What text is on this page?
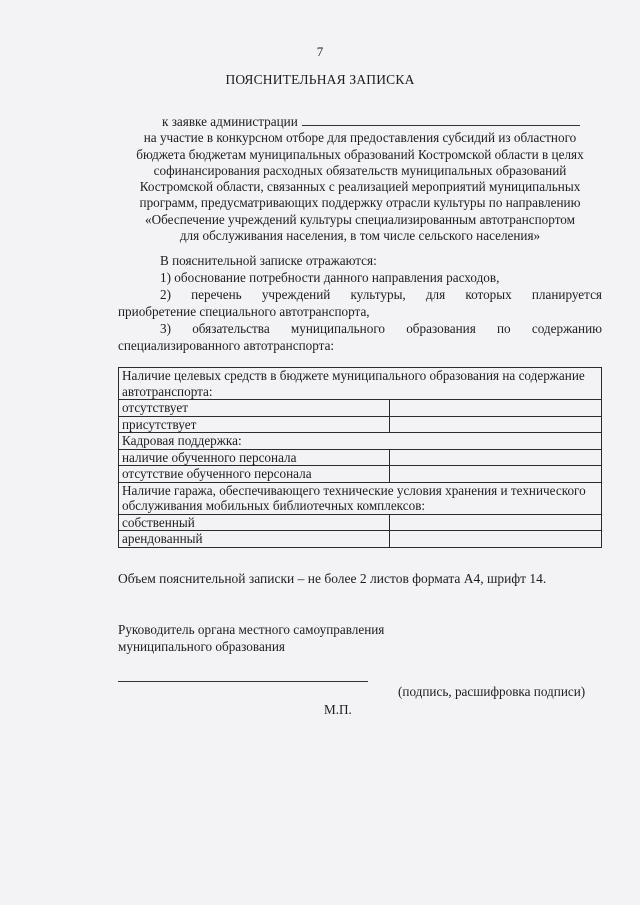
7
ПОЯСНИТЕЛЬНАЯ ЗАПИСКА
к заявке администрации
на участие в конкурсном отборе для предоставления субсидий из областного
бюджета бюджетам муниципальных образований Костромской области в целях
софинансирования расходных обязательств муниципальных образований
Костромской области, связанных с реализацией мероприятий муниципальных
программ, предусматривающих поддержку отрасли культуры по направлению
«Обеспечение учреждений культуры специализированным автотранспортом
для обслуживания населения, в том числе сельского населения»
В пояснительной записке отражаются:
1) обоснование потребности данного направления расходов,
2) перечень учреждений культуры, для которых планируется
приобретение специального автотранспорта,
3) обязательства муниципального образования по содержанию
специализированного автотранспорта:
Наличие целевых средств в бюджете муниципального образования на содержание автотранспорта:	
отсутствует	
присутствует	
Кадровая поддержка:	
наличие обученного персонала	
отсутствие обученного персонала	
Наличие гаража, обеспечивающего технические условия хранения и технического обслуживания мобильных библиотечных комплексов:	
собственный	
арендованный	
Объем пояснительной записки – не более 2 листов формата А4, шрифт 14.
Руководитель органа местного самоуправления
муниципального образования
(подпись, расшифровка подписи)
М.П.
